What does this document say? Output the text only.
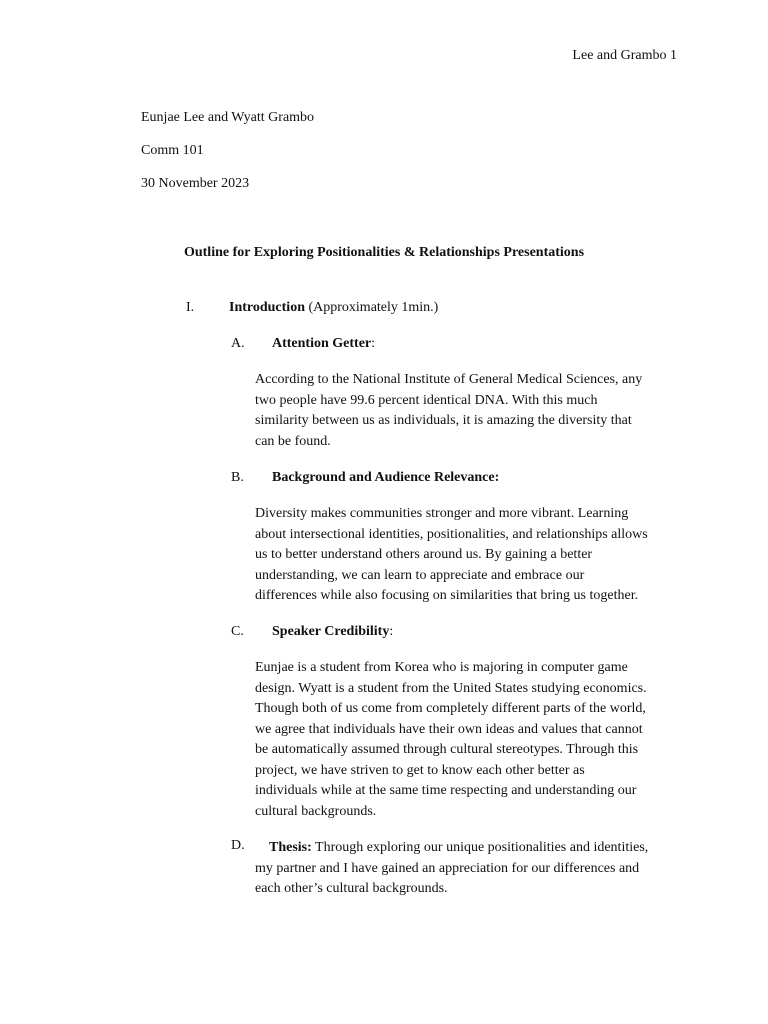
Lee and Grambo 1
Eunjae Lee and Wyatt Grambo
Comm 101
30 November 2023
Outline for Exploring Positionalities & Relationships Presentations
I. Introduction (Approximately 1min.)
A. Attention Getter:
According to the National Institute of General Medical Sciences, any
two people have 99.6 percent identical DNA. With this much
similarity between us as individuals, it is amazing the diversity that
can be found.
B. Background and Audience Relevance:
Diversity makes communities stronger and more vibrant. Learning
about intersectional identities, positionalities, and relationships allows
us to better understand others around us. By gaining a better
understanding, we can learn to appreciate and embrace our
differences while also focusing on similarities that bring us together.
C. Speaker Credibility:
Eunjae is a student from Korea who is majoring in computer game
design. Wyatt is a student from the United States studying economics.
Though both of us come from completely different parts of the world,
we agree that individuals have their own ideas and values that cannot
be automatically assumed through cultural stereotypes. Through this
project, we have striven to get to know each other better as
individuals while at the same time respecting and understanding our
cultural backgrounds.
D.	Thesis: Through exploring our unique positionalities and identities,
my partner and I have gained an appreciation for our differences and
each other’s cultural backgrounds.
